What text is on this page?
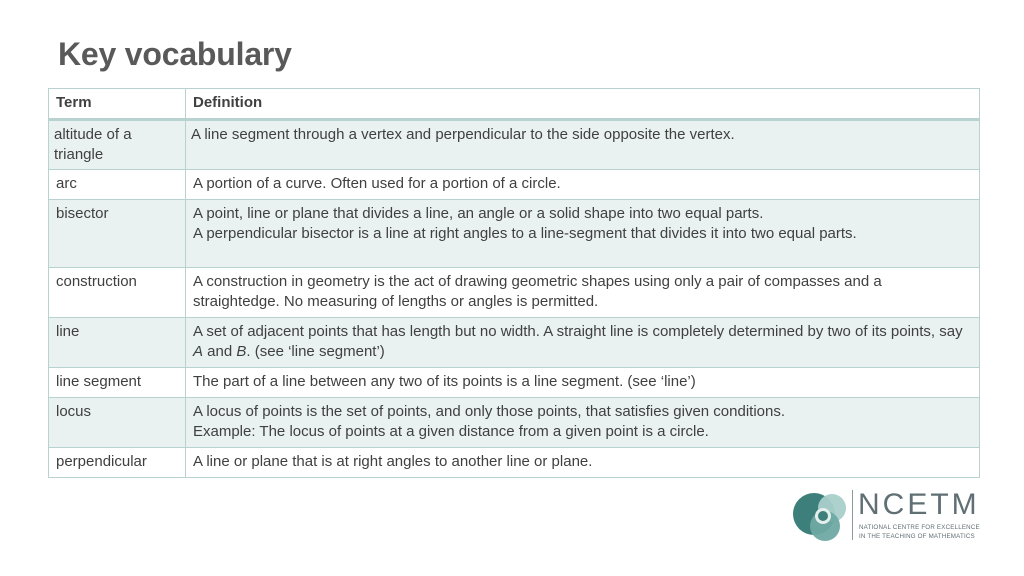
Key vocabulary
Term	Definition
altitude of a triangle	A line segment through a vertex and perpendicular to the side opposite the vertex.

arc	A portion of a curve. Often used for a portion of a circle.

bisector	A point, line or plane that divides a line, an angle or a solid shape into two equal parts.
A perpendicular bisector is a line at right angles to a line-segment that divides it into two equal parts.

construction	A construction in geometry is the act of drawing geometric shapes using only a pair of compasses and a straightedge. No measuring of lengths or angles is permitted.

line	A set of adjacent points that has length but no width. A straight line is completely determined by two of its points, say A and B. (see ‘line segment’)
line segment	The part of a line between any two of its points is a line segment. (see ‘line’)

locus	A locus of points is the set of points, and only those points, that satisfies given conditions.
Example: The locus of points at a given distance from a given point is a circle.

perpendicular	A line or plane that is at right angles to another line or plane.
NCETM
NATIONAL CENTRE FOR EXCELLENCE
IN THE TEACHING OF MATHEMATICS
